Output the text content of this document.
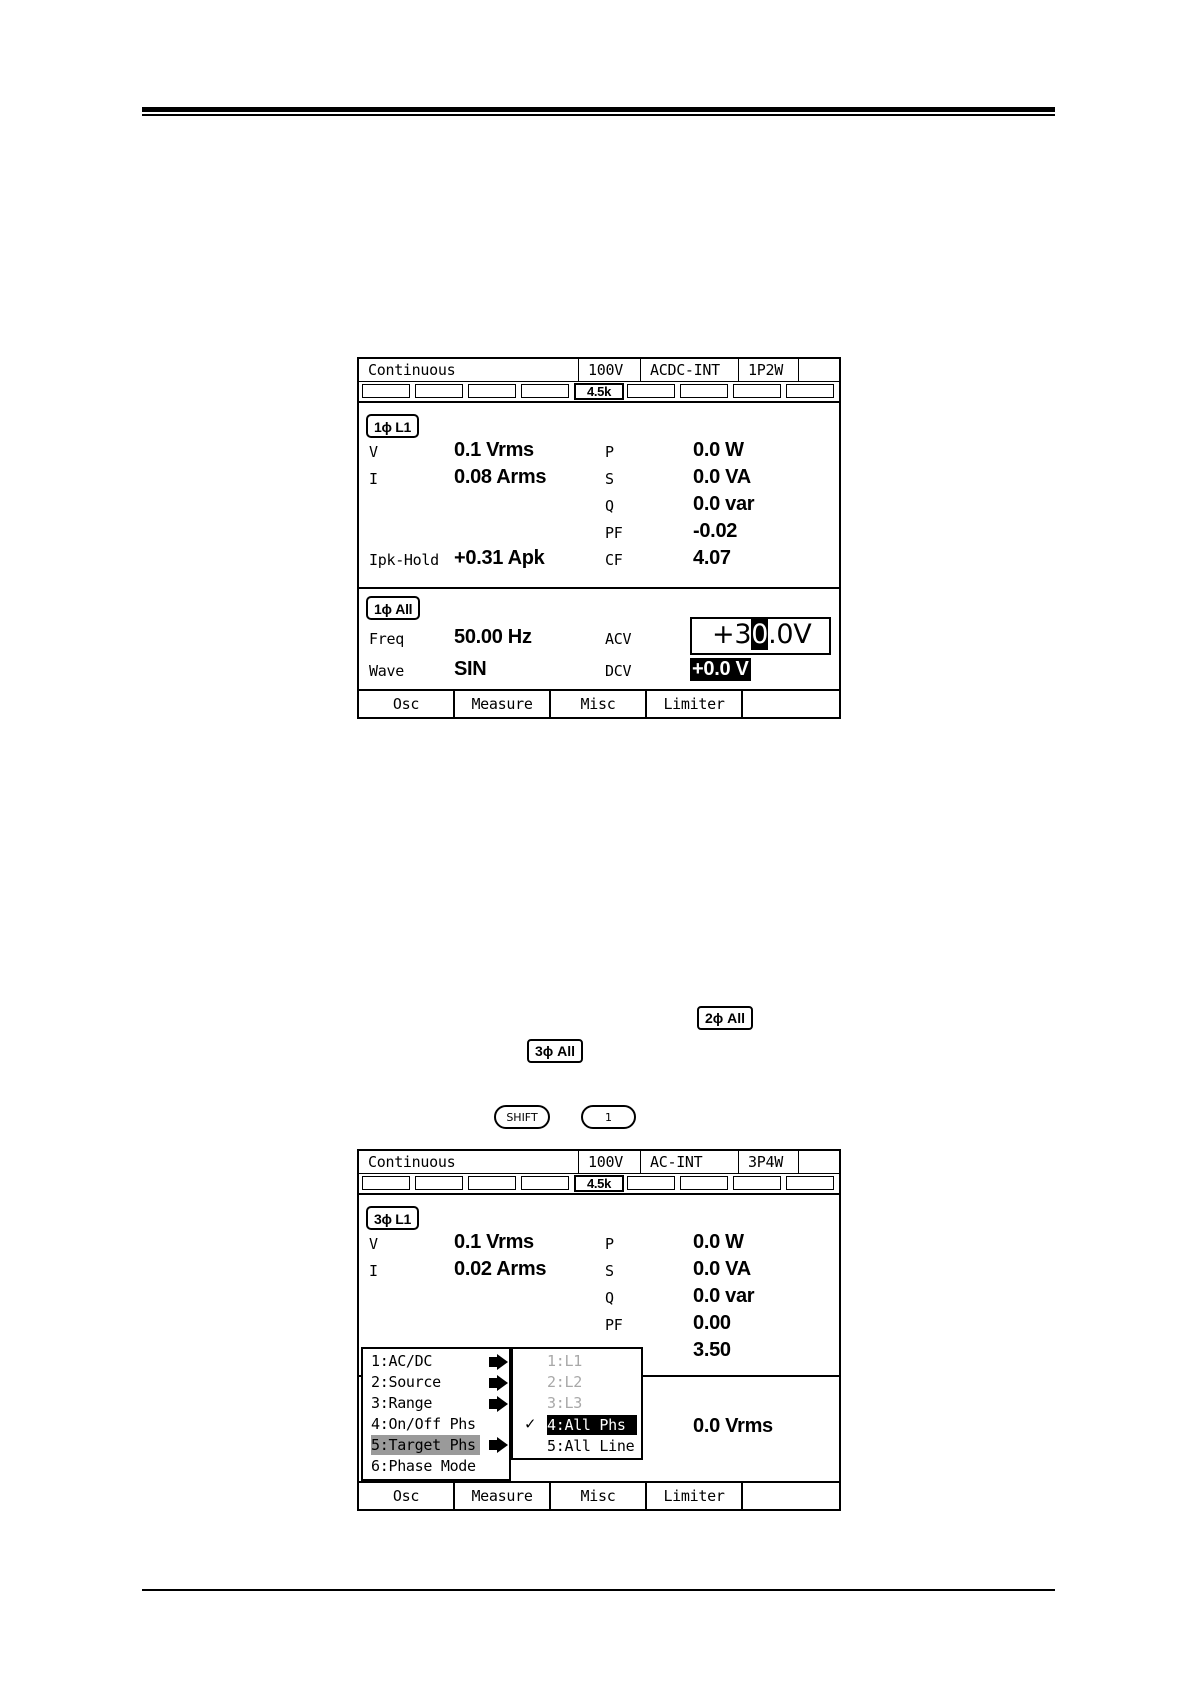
Continuous	100V	ACDC-INT	1P2W
4.5k
1ϕ L1
V	0.1 Vrms
I	0.08 Arms
Ipk-Hold +0.31 Apk
P	0.0 W
S	0.0 VA
Q	0.0 var
PF	-0.02
CF	4.07
1ϕ All
Freq	50.00 Hz
Wave	SIN
ACV	+30.0V
DCV	+0.0 V
Osc	Measure	Misc	Limiter
2ϕ All
3ϕ All
SHIFT	1
Continuous	100V	AC-INT	3P4W
4.5k
3ϕ L1
V	0.1 Vrms
I	0.02 Arms
P	0.0 W
S	0.0 VA
Q	0.0 var
PF	0.00
3.50
0.0 Vrms
1:AC/DC
2:Source
3:Range
4:On/Off Phs
5:Target Phs
6:Phase Mode
1:L1
2:L2
3:L3
✓ 4:All Phs
5:All Line
Osc	Measure	Misc	Limiter
